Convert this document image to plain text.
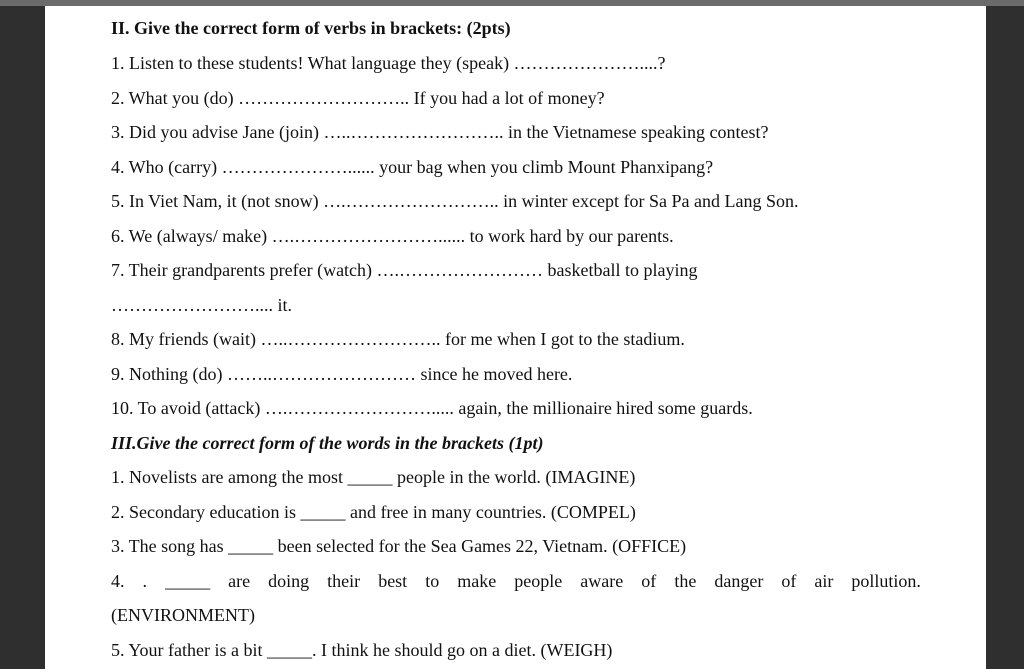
II. Give the correct form of verbs in brackets: (2pts)
1. Listen to these students! What language they (speak) …………………....?
2. What you (do) ……………………….. If you had a lot of money?
3. Did you advise Jane (join) …..…………………….. in the Vietnamese speaking contest?
4. Who (carry) …………………...... your bag when you climb Mount Phanxipang?
5. In Viet Nam, it (not snow) ….…………………….. in winter except for Sa Pa and Lang Son.
6. We (always/ make) ….……………………...... to work hard by our parents.
7. Their grandparents prefer (watch) ….…………………… basketball to playing
…………………….... it.
8. My friends (wait) …..…………………….. for me when I got to the stadium.
9. Nothing (do) ……..…………………… since he moved here.
10. To avoid (attack) ….……………………..... again, the millionaire hired some guards.
III.Give the correct form of the words in the brackets (1pt)
1. Novelists are among the most _____ people in the world. (IMAGINE)
2. Secondary education is _____ and free in many countries. (COMPEL)
3. The song has _____ been selected for the Sea Games 22, Vietnam. (OFFICE)
4. . _____ are doing their best to make people aware of the danger of air pollution.
(ENVIRONMENT)
5. Your father is a bit _____. I think he should go on a diet. (WEIGH)
